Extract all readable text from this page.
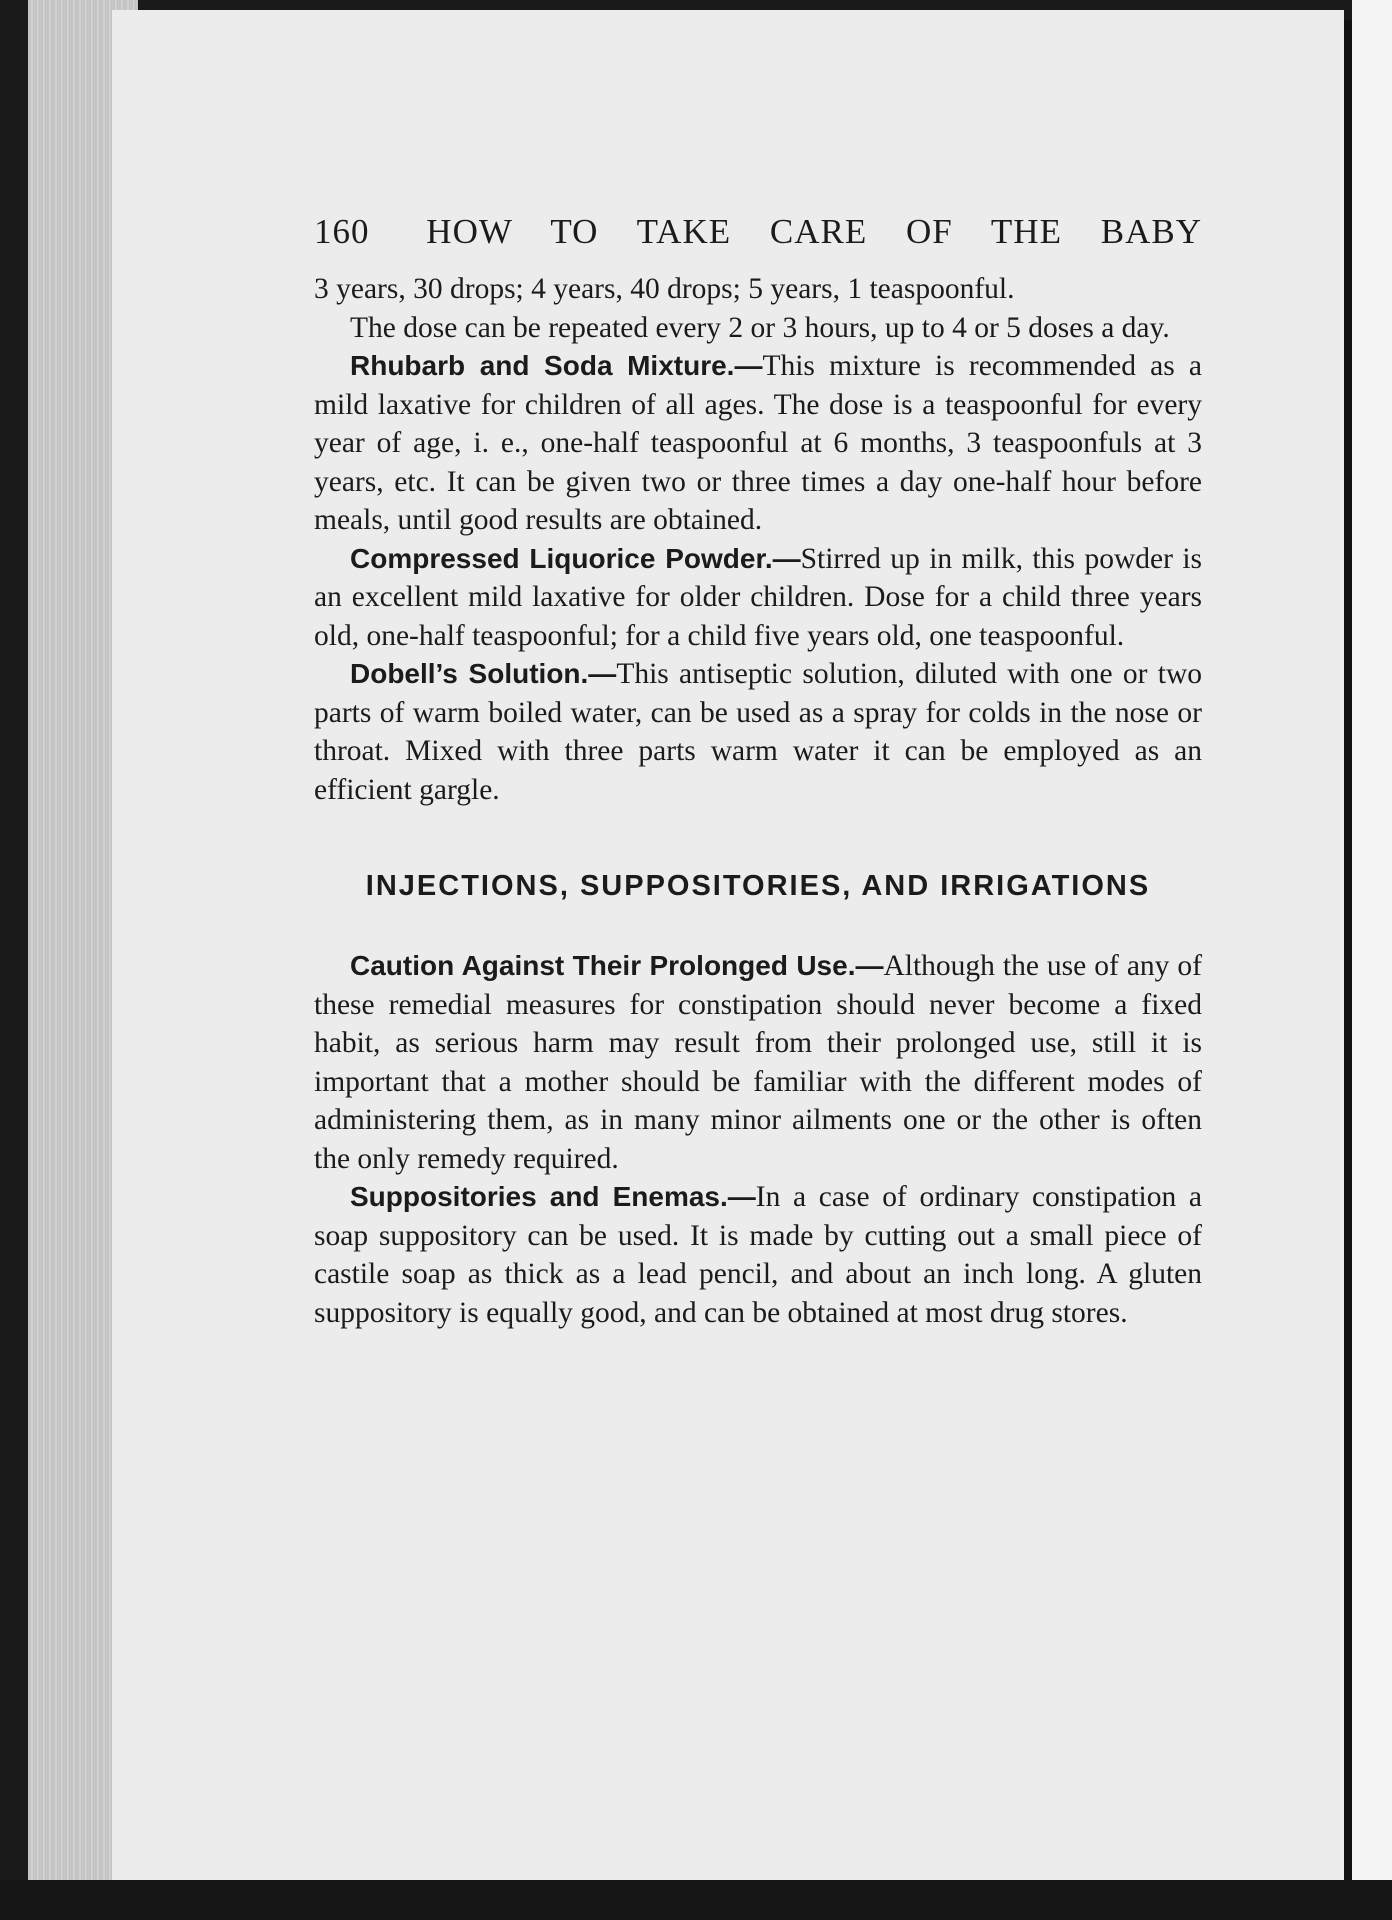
160 HOW TO TAKE CARE OF THE BABY

3 years, 30 drops; 4 years, 40 drops; 5 years, 1 teaspoonful.

The dose can be repeated every 2 or 3 hours, up to 4 or 5 doses a day.

Rhubarb and Soda Mixture.—This mixture is recommended as a mild laxative for children of all ages. The dose is a teaspoonful for every year of age, i. e., one-half teaspoonful at 6 months, 3 teaspoonfuls at 3 years, etc. It can be given two or three times a day one-half hour before meals, until good results are obtained.

Compressed Liquorice Powder.—Stirred up in milk, this powder is an excellent mild laxative for older children. Dose for a child three years old, one-half teaspoonful; for a child five years old, one teaspoonful.

Dobell’s Solution.—This antiseptic solution, diluted with one or two parts of warm boiled water, can be used as a spray for colds in the nose or throat. Mixed with three parts warm water it can be employed as an efficient gargle.

INJECTIONS, SUPPOSITORIES, AND IRRIGATIONS

Caution Against Their Prolonged Use.—Although the use of any of these remedial measures for constipation should never become a fixed habit, as serious harm may result from their prolonged use, still it is important that a mother should be familiar with the different modes of administering them, as in many minor ailments one or the other is often the only remedy required.

Suppositories and Enemas.—In a case of ordinary constipation a soap suppository can be used. It is made by cutting out a small piece of castile soap as thick as a lead pencil, and about an inch long. A gluten suppository is equally good, and can be obtained at most drug stores.
